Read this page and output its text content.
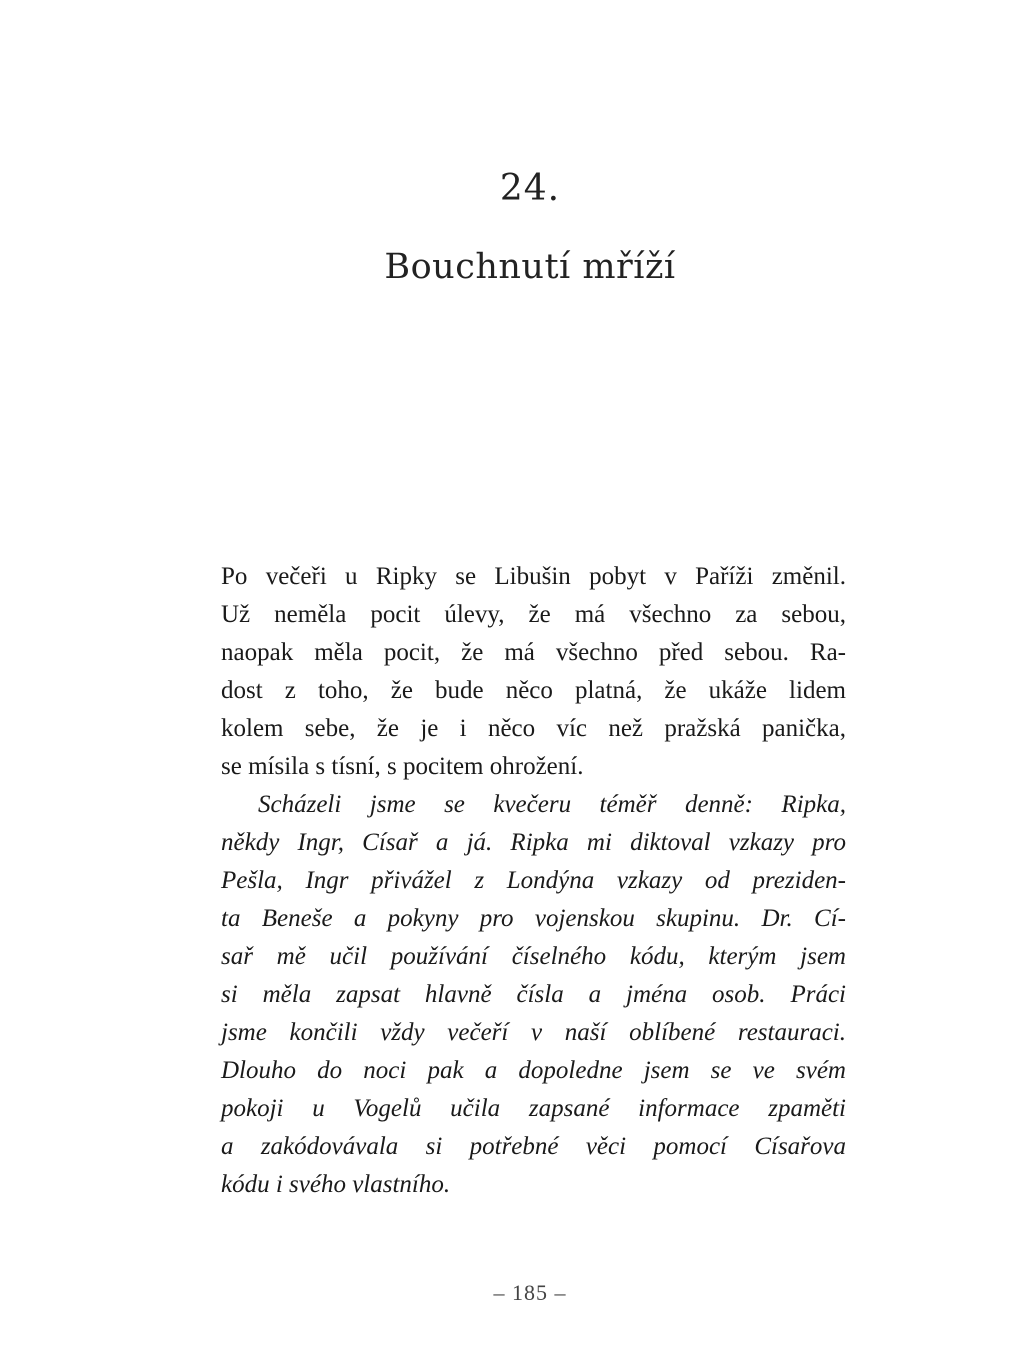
24.
Bouchnutí mříží
Po večeři u Ripky se Libušin pobyt v Paříži změnil.
Už neměla pocit úlevy, že má všechno za sebou,
naopak měla pocit, že má všechno před sebou. Ra-
dost z toho, že bude něco platná, že ukáže lidem
kolem sebe, že je i něco víc než pražská panička,
se mísila s tísní, s pocitem ohrožení.
Scházeli jsme se kvečeru téměř denně: Ripka,
někdy Ingr, Císař a já. Ripka mi diktoval vzkazy pro
Pešla, Ingr přivážel z Londýna vzkazy od preziden-
ta Beneše a pokyny pro vojenskou skupinu. Dr. Cí-
sař mě učil používání číselného kódu, kterým jsem
si měla zapsat hlavně čísla a jména osob. Práci
jsme končili vždy večeří v naší oblíbené restauraci.
Dlouho do noci pak a dopoledne jsem se ve svém
pokoji u Vogelů učila zapsané informace zpaměti
a zakódovávala si potřebné věci pomocí Císařova
kódu i svého vlastního.
– 185 –
